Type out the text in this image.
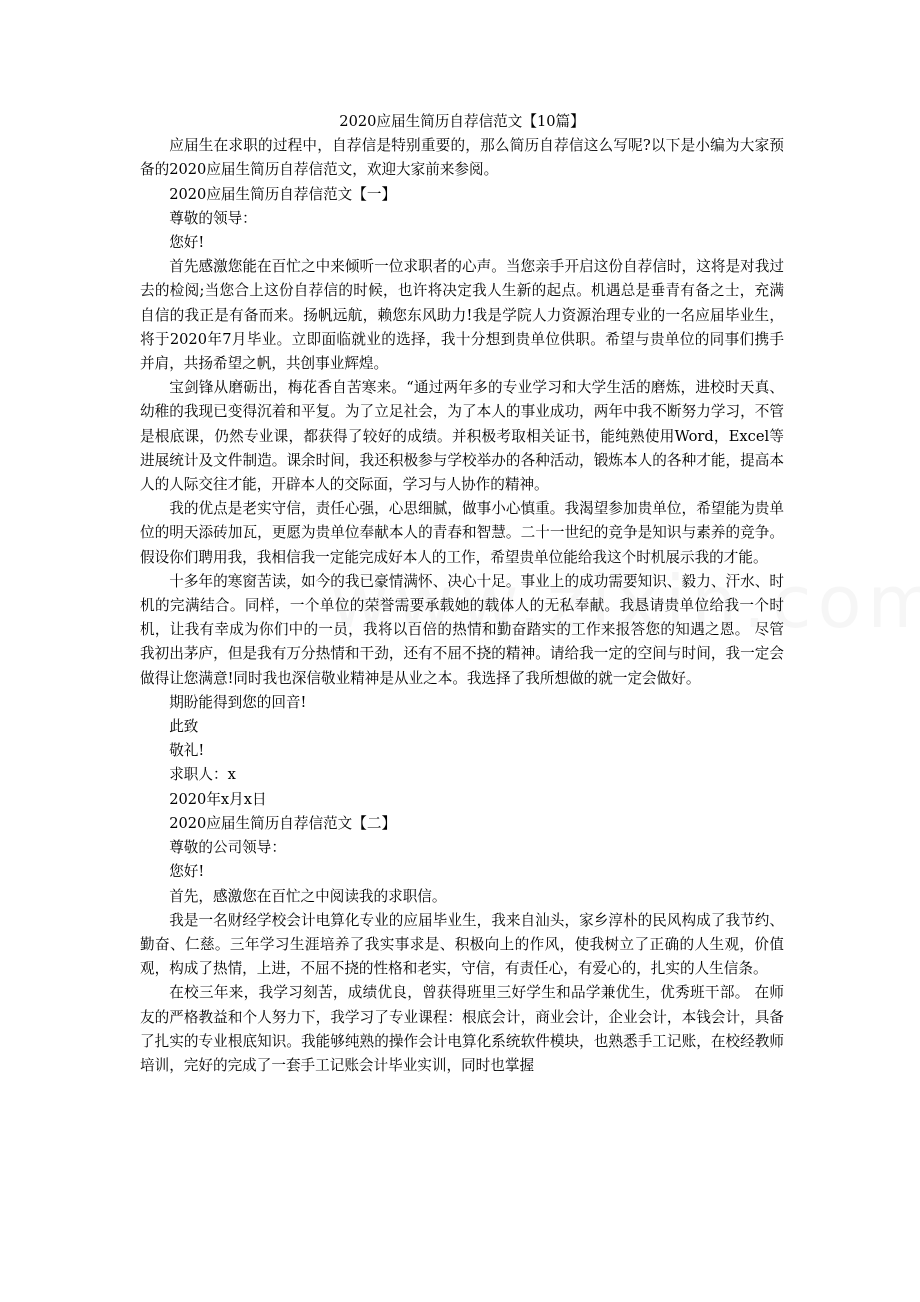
2020应届生简历自荐信范文【10篇】

应届生在求职的过程中，自荐信是特别重要的，那么简历自荐信这么写呢?以下是小编为大家预备的2020应届生简历自荐信范文，欢迎大家前来参阅。

2020应届生简历自荐信范文【一】

尊敬的领导：

您好!

首先感激您能在百忙之中来倾听一位求职者的心声。当您亲手开启这份自荐信时，这将是对我过去的检阅;当您合上这份自荐信的时候，也许将决定我人生新的起点。机遇总是垂青有备之士，充满自信的我正是有备而来。扬帆远航，赖您东风助力!我是学院人力资源治理专业的一名应届毕业生，将于2020年7月毕业。立即面临就业的选择，我十分想到贵单位供职。希望与贵单位的同事们携手并肩，共扬希望之帆，共创事业辉煌。

宝剑锋从磨砺出，梅花香自苦寒来。“通过两年多的专业学习和大学生活的磨炼，进校时天真、幼稚的我现已变得沉着和平复。为了立足社会，为了本人的事业成功，两年中我不断努力学习，不管是根底课，仍然专业课，都获得了较好的成绩。并积极考取相关证书，能纯熟使用Word，Excel等进展统计及文件制造。课余时间，我还积极参与学校举办的各种活动，锻炼本人的各种才能，提高本人的人际交往才能，开辟本人的交际面，学习与人协作的精神。

我的优点是老实守信，责任心强，心思细腻，做事小心慎重。我渴望参加贵单位，希望能为贵单位的明天添砖加瓦，更愿为贵单位奉献本人的青春和智慧。二十一世纪的竞争是知识与素养的竞争。假设你们聘用我，我相信我一定能完成好本人的工作，希望贵单位能给我这个时机展示我的才能。

十多年的寒窗苦读，如今的我已豪情满怀、决心十足。事业上的成功需要知识、毅力、汗水、时机的完满结合。同样，一个单位的荣誉需要承载她的载体人的无私奉献。我恳请贵单位给我一个时机，让我有幸成为你们中的一员，我将以百倍的热情和勤奋踏实的工作来报答您的知遇之恩。 尽管我初出茅庐，但是我有万分热情和干劲，还有不屈不挠的精神。请给我一定的空间与时间，我一定会做得让您满意!同时我也深信敬业精神是从业之本。我选择了我所想做的就一定会做好。

期盼能得到您的回音!

此致

敬礼!

求职人：x

2020年x月x日

2020应届生简历自荐信范文【二】

尊敬的公司领导：

您好!

首先，感激您在百忙之中阅读我的求职信。

我是一名财经学校会计电算化专业的应届毕业生，我来自汕头，家乡淳朴的民风构成了我节约、勤奋、仁慈。三年学习生涯培养了我实事求是、积极向上的作风，使我树立了正确的人生观，价值观，构成了热情，上进，不屈不挠的性格和老实，守信，有责任心，有爱心的，扎实的人生信条。

在校三年来，我学习刻苦，成绩优良，曾获得班里三好学生和品学兼优生，优秀班干部。 在师友的严格教益和个人努力下，我学习了专业课程：根底会计，商业会计，企业会计，本钱会计，具备了扎实的专业根底知识。我能够纯熟的操作会计电算化系统软件模块，也熟悉手工记账，在校经教师培训，完好的完成了一套手工记账会计毕业实训，同时也掌握
